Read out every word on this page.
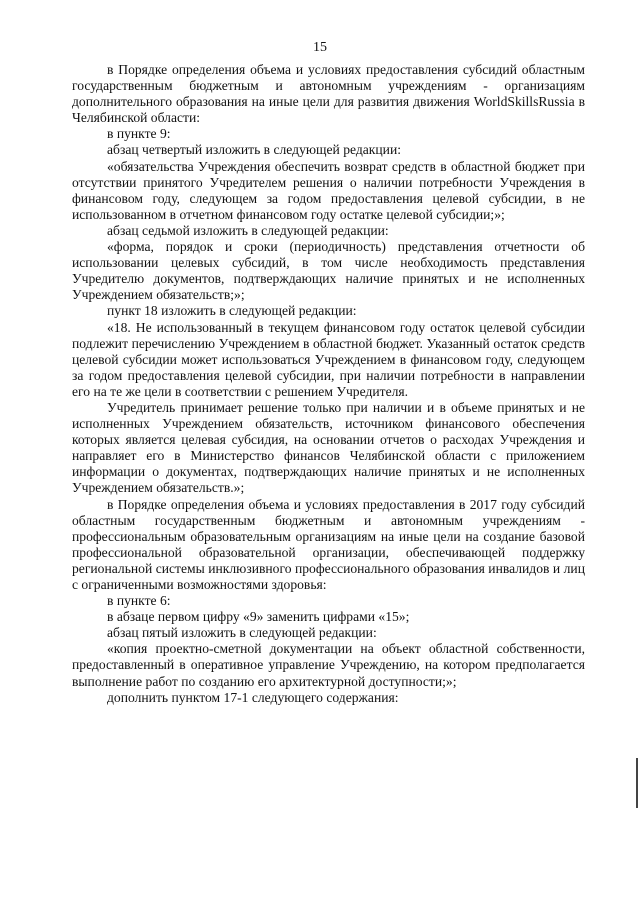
15

в Порядке определения объема и условиях предоставления субсидий областным государственным бюджетным и автономным учреждениям - организациям дополнительного образования на иные цели для развития движения WorldSkillsRussia в Челябинской области:

в пункте 9:

абзац четвертый изложить в следующей редакции:

«обязательства Учреждения обеспечить возврат средств в областной бюджет при отсутствии принятого Учредителем решения о наличии потребности Учреждения в финансовом году, следующем за годом предоставления целевой субсидии, в не использованном в отчетном финансовом году остатке целевой субсидии;»;

абзац седьмой изложить в следующей редакции:

«форма, порядок и сроки (периодичность) представления отчетности об использовании целевых субсидий, в том числе необходимость представления Учредителю документов, подтверждающих наличие принятых и не исполненных Учреждением обязательств;»;

пункт 18 изложить в следующей редакции:

«18. Не использованный в текущем финансовом году остаток целевой субсидии подлежит перечислению Учреждением в областной бюджет. Указанный остаток средств целевой субсидии может использоваться Учреждением в финансовом году, следующем за годом предоставления целевой субсидии, при наличии потребности в направлении его на те же цели в соответствии с решением Учредителя.

Учредитель принимает решение только при наличии и в объеме принятых и не исполненных Учреждением обязательств, источником финансового обеспечения которых является целевая субсидия, на основании отчетов о расходах Учреждения и направляет его в Министерство финансов Челябинской области с приложением информации о документах, подтверждающих наличие принятых и не исполненных Учреждением обязательств.»;

в Порядке определения объема и условиях предоставления в 2017 году субсидий областным государственным бюджетным и автономным учреждениям - профессиональным образовательным организациям на иные цели на создание базовой профессиональной образовательной организации, обеспечивающей поддержку региональной системы инклюзивного профессионального образования инвалидов и лиц с ограниченными возможностями здоровья:

в пункте 6:

в абзаце первом цифру «9» заменить цифрами «15»;

абзац пятый изложить в следующей редакции:

«копия проектно-сметной документации на объект областной собственности, предоставленный в оперативное управление Учреждению, на котором предполагается выполнение работ по созданию его архитектурной доступности;»;

дополнить пунктом 17-1 следующего содержания:
